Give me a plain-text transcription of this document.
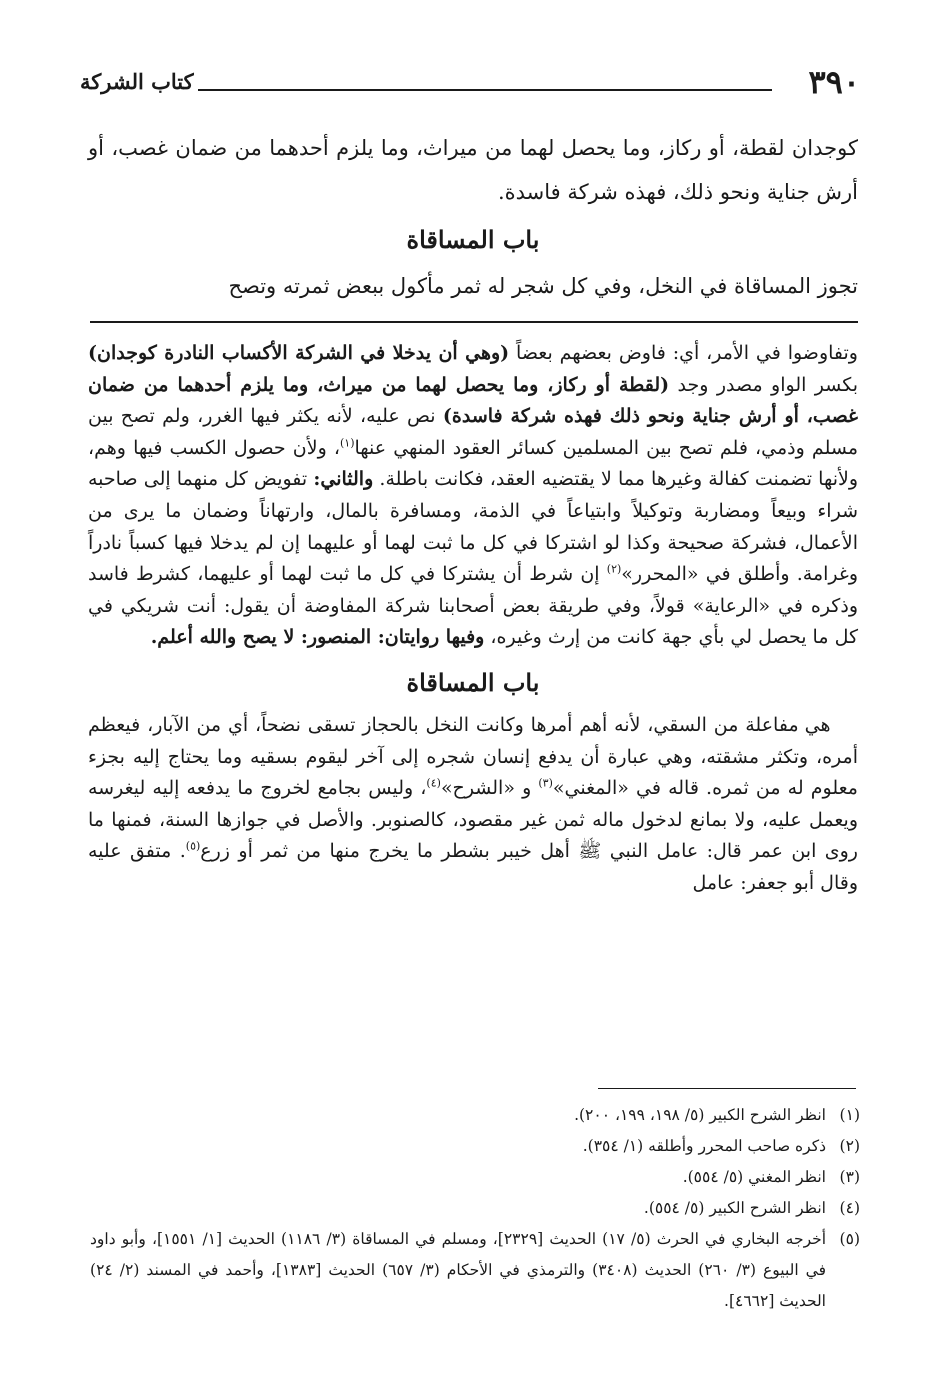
٣٩٠
كتاب الشركة

كوجدان لقطة، أو ركاز، وما يحصل لهما من ميراث، وما يلزم أحدهما من ضمان غصب، أو أرش جناية ونحو ذلك، فهذه شركة فاسدة.

باب المساقاة

تجوز المساقاة في النخل، وفي كل شجر له ثمر مأكول ببعض ثمرته وتصح

وتفاوضوا في الأمر، أي: فاوض بعضهم بعضاً (وهي أن يدخلا في الشركة الأكساب النادرة كوجدان) بكسر الواو مصدر وجد (لقطة أو ركاز، وما يحصل لهما من ميراث، وما يلزم أحدهما من ضمان غصب، أو أرش جناية ونحو ذلك فهذه شركة فاسدة) نص عليه، لأنه يكثر فيها الغرر، ولم تصح بين مسلم وذمي، فلم تصح بين المسلمين كسائر العقود المنهي عنها$^{(١)}$، ولأن حصول الكسب فيها وهم، ولأنها تضمنت كفالة وغيرها مما لا يقتضيه العقد، فكانت باطلة. والثاني: تفويض كل منهما إلى صاحبه شراء وبيعاً ومضاربة وتوكيلاً وابتياعاً في الذمة، ومسافرة بالمال، وارتهاناً وضمان ما يرى من الأعمال، فشركة صحيحة وكذا لو اشتركا في كل ما ثبت لهما أو عليهما إن لم يدخلا فيها كسباً نادراً وغرامة. وأطلق في «المحرر»$^{(٢)}$ إن شرط أن يشتركا في كل ما ثبت لهما أو عليهما، كشرط فاسد وذكره في «الرعاية» قولاً، وفي طريقة بعض أصحابنا شركة المفاوضة أن يقول: أنت شريكي في كل ما يحصل لي بأي جهة كانت من إرث وغيره، وفيها روايتان: المنصور: لا يصح والله أعلم.

باب المساقاة

هي مفاعلة من السقي، لأنه أهم أمرها وكانت النخل بالحجاز تسقى نضحاً، أي من الآبار، فيعظم أمره، وتكثر مشقته، وهي عبارة أن يدفع إنسان شجره إلى آخر ليقوم بسقيه وما يحتاج إليه بجزء معلوم له من ثمره. قاله في «المغني»$^{(٣)}$ و «الشرح»$^{(٤)}$، وليس بجامع لخروج ما يدفعه إليه ليغرسه ويعمل عليه، ولا بمانع لدخول ماله ثمن غير مقصود، كالصنوبر. والأصل في جوازها السنة، فمنها ما روى ابن عمر قال: عامل النبي ﷺ أهل خيبر بشطر ما يخرج منها من ثمر أو زرع$^{(٥)}$. متفق عليه وقال أبو جعفر: عامل

(١)
انظر الشرح الكبير (٥/ ١٩٨، ١٩٩، ٢٠٠).
(٢)
ذكره صاحب المحرر وأطلقه (١/ ٣٥٤).
(٣)
انظر المغني (٥/ ٥٥٤).
(٤)
انظر الشرح الكبير (٥/ ٥٥٤).
(٥)
أخرجه البخاري في الحرث (٥/ ١٧) الحديث [٢٣٢٩]، ومسلم في المساقاة (٣/ ١١٨٦) الحديث [١/ ١٥٥١]، وأبو داود في البيوع (٣/ ٢٦٠) الحديث (٣٤٠٨) والترمذي في الأحكام (٣/ ٦٥٧) الحديث [١٣٨٣]، وأحمد في المسند (٢/ ٢٤) الحديث [٤٦٦٢].
